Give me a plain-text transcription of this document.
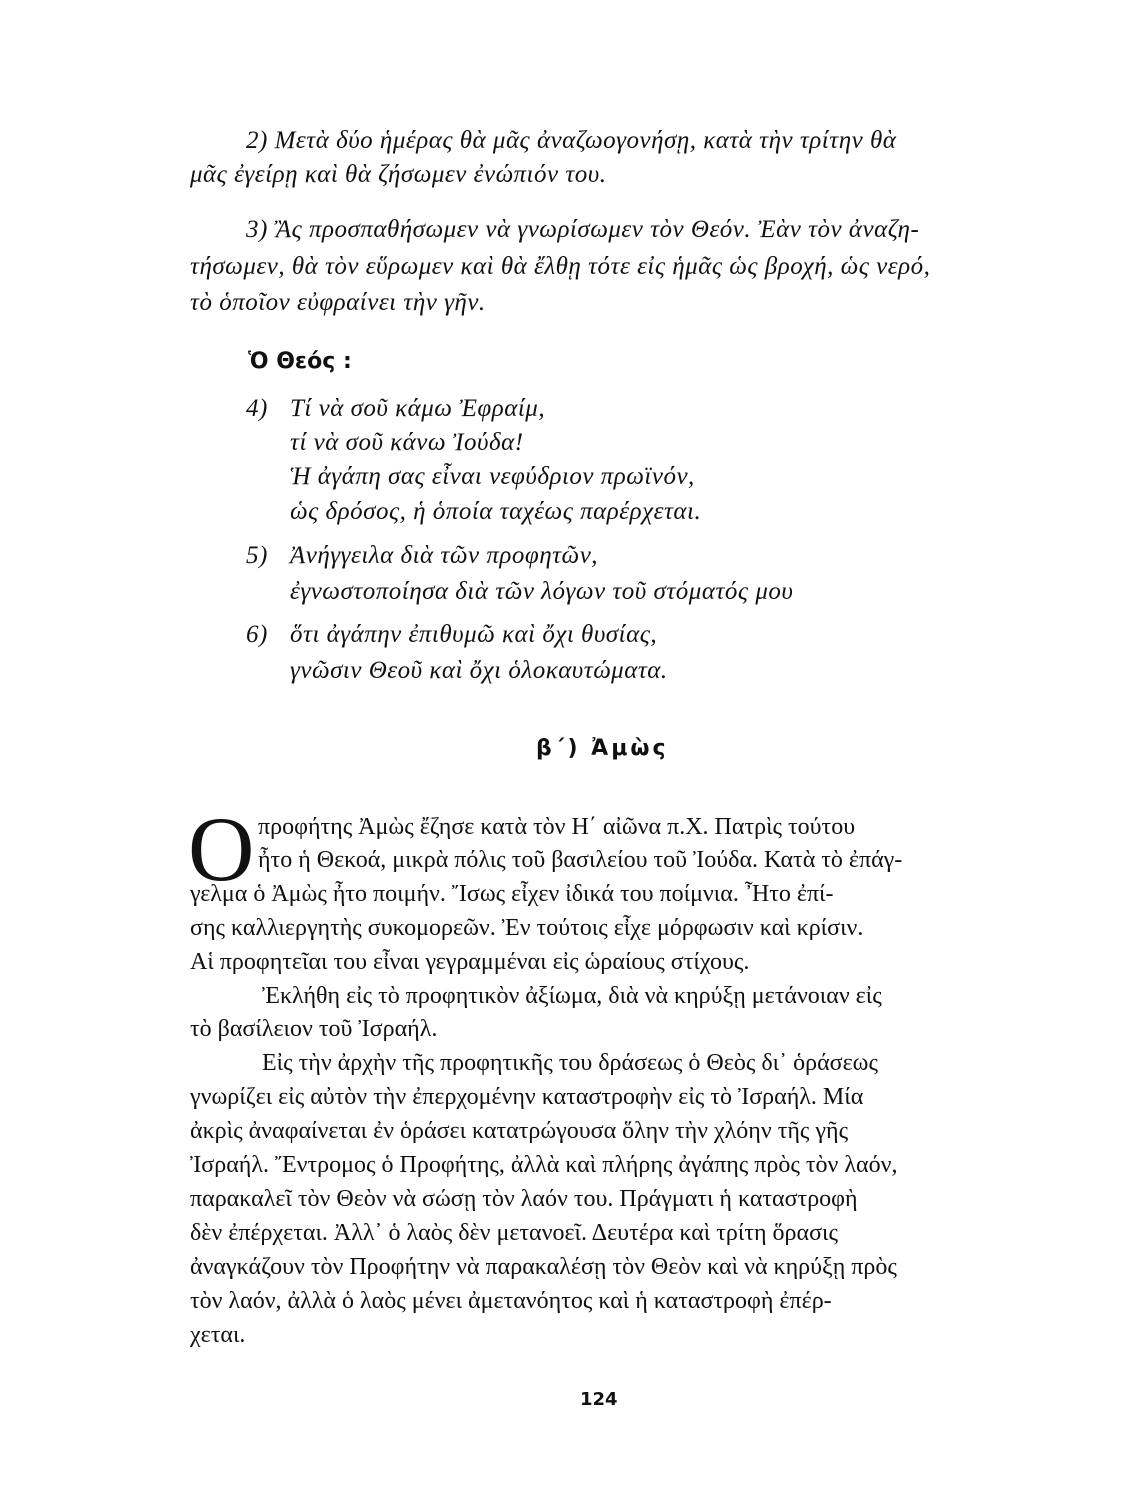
2) Μετὰ δύο ἡμέρας θὰ μᾶς ἀναζωογονήσῃ, κατὰ τὴν τρίτην θὰ
μᾶς ἐγείρῃ καὶ θὰ ζήσωμεν ἐνώπιόν του.
3) Ἂς προσπαθήσωμεν νὰ γνωρίσωμεν τὸν Θεόν. Ἐὰν τὸν ἀναζη-
τήσωμεν, θὰ τὸν εὕρωμεν καὶ θὰ ἔλθῃ τότε εἰς ἡμᾶς ὡς βροχή, ὡς νερό,
τὸ ὁποῖον εὐφραίνει τὴν γῆν.
Ὁ Θεός :
4) Τί νὰ σοῦ κάμω Ἐφραίμ,
τί νὰ σοῦ κάνω Ἰούδα!
Ἡ ἀγάπη σας εἶναι νεφύδριον πρωϊνόν,
ὡς δρόσος, ἡ ὁποία ταχέως παρέρχεται.
5) Ἀνήγγειλα διὰ τῶν προφητῶν,
ἐγνωστοποίησα διὰ τῶν λόγων τοῦ στόματός μου
6) ὅτι ἀγάπην ἐπιθυμῶ καὶ ὄχι θυσίας,
γνῶσιν Θεοῦ καὶ ὄχι ὁλοκαυτώματα.
β΄) Ἀμὼς
Ο προφήτης Ἀμὼς ἔζησε κατὰ τὸν Η΄ αἰῶνα π.Χ. Πατρὶς τούτου
ἦτο ἡ Θεκοά, μικρὰ πόλις τοῦ βασιλείου τοῦ Ἰούδα. Κατὰ τὸ ἐπάγ-
γελμα ὁ Ἀμὼς ἦτο ποιμήν. Ἴσως εἶχεν ἰδικά του ποίμνια. Ἦτο ἐπί-
σης καλλιεργητὴς συκομορεῶν. Ἐν τούτοις εἶχε μόρφωσιν καὶ κρίσιν.
Αἱ προφητεῖαι του εἶναι γεγραμμέναι εἰς ὡραίους στίχους.
Ἐκλήθη εἰς τὸ προφητικὸν ἀξίωμα, διὰ νὰ κηρύξῃ μετάνοιαν εἰς
τὸ βασίλειον τοῦ Ἰσραήλ.
Εἰς τὴν ἀρχὴν τῆς προφητικῆς του δράσεως ὁ Θεὸς δι᾽ ὁράσεως
γνωρίζει εἰς αὐτὸν τὴν ἐπερχομένην καταστροφὴν εἰς τὸ Ἰσραήλ. Μία
ἀκρὶς ἀναφαίνεται ἐν ὁράσει κατατρώγουσα ὅλην τὴν χλόην τῆς γῆς
Ἰσραήλ. Ἔντρομος ὁ Προφήτης, ἀλλὰ καὶ πλήρης ἀγάπης πρὸς τὸν λαόν,
παρακαλεῖ τὸν Θεὸν νὰ σώσῃ τὸν λαόν του. Πράγματι ἡ καταστροφὴ
δὲν ἐπέρχεται. Ἀλλ᾽ ὁ λαὸς δὲν μετανοεῖ. Δευτέρα καὶ τρίτη ὅρασις
ἀναγκάζουν τὸν Προφήτην νὰ παρακαλέσῃ τὸν Θεὸν καὶ νὰ κηρύξῃ πρὸς
τὸν λαόν, ἀλλὰ ὁ λαὸς μένει ἀμετανόητος καὶ ἡ καταστροφὴ ἐπέρ-
χεται.
124
